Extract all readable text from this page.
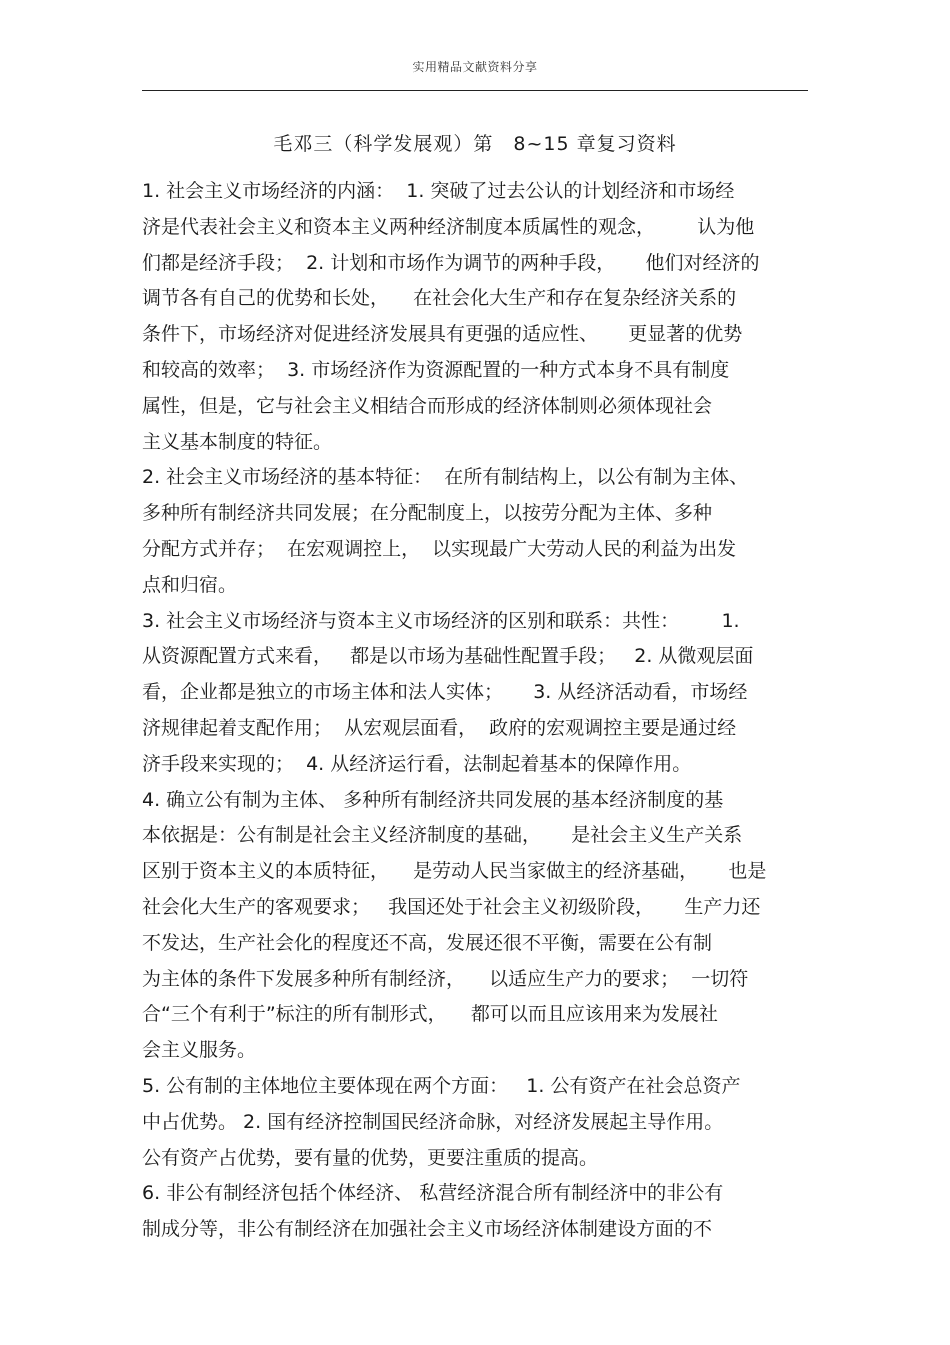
实用精品文献资料分享
毛邓三（科学发展观）第　8~15 章复习资料
1. 社会主义市场经济的内涵：  1. 突破了过去公认的计划经济和市场经
济是代表社会主义和资本主义两种经济制度本质属性的观念，       认为他
们都是经济手段；  2. 计划和市场作为调节的两种手段，     他们对经济的
调节各有自己的优势和长处，    在社会化大生产和存在复杂经济关系的
条件下，市场经济对促进经济发展具有更强的适应性、     更显著的优势
和较高的效率；  3. 市场经济作为资源配置的一种方式本身不具有制度
属性，但是，它与社会主义相结合而形成的经济体制则必须体现社会
主义基本制度的特征。
2. 社会主义市场经济的基本特征：  在所有制结构上，以公有制为主体、
多种所有制经济共同发展；在分配制度上，以按劳分配为主体、多种
分配方式并存；  在宏观调控上，  以实现最广大劳动人民的利益为出发
点和归宿。
3. 社会主义市场经济与资本主义市场经济的区别和联系：共性：       1.
从资源配置方式来看，   都是以市场为基础性配置手段；   2. 从微观层面
看，企业都是独立的市场主体和法人实体；     3. 从经济活动看，市场经
济规律起着支配作用；  从宏观层面看，  政府的宏观调控主要是通过经
济手段来实现的；  4. 从经济运行看，法制起着基本的保障作用。
4. 确立公有制为主体、 多种所有制经济共同发展的基本经济制度的基
本依据是：公有制是社会主义经济制度的基础，     是社会主义生产关系
区别于资本主义的本质特征，    是劳动人民当家做主的经济基础，     也是
社会化大生产的客观要求；   我国还处于社会主义初级阶段，     生产力还
不发达，生产社会化的程度还不高，发展还很不平衡，需要在公有制
为主体的条件下发展多种所有制经济，    以适应生产力的要求；  一切符
合“三个有利于”标注的所有制形式，    都可以而且应该用来为发展社
会主义服务。
5. 公有制的主体地位主要体现在两个方面：   1. 公有资产在社会总资产
中占优势。 2. 国有经济控制国民经济命脉，对经济发展起主导作用。
公有资产占优势，要有量的优势，更要注重质的提高。
6. 非公有制经济包括个体经济、 私营经济混合所有制经济中的非公有
制成分等，非公有制经济在加强社会主义市场经济体制建设方面的不
